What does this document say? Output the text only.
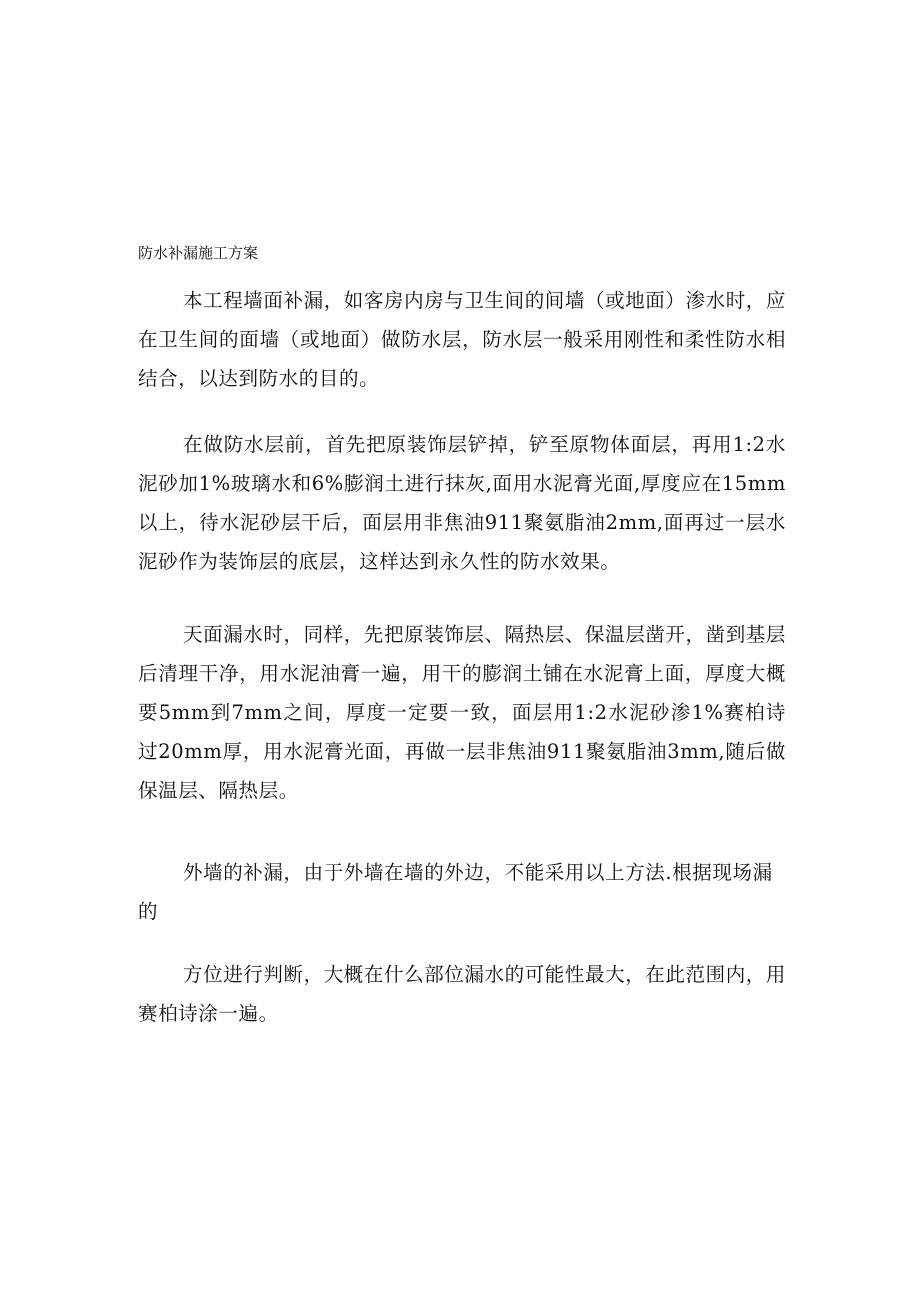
防水补漏施工方案

本工程墙面补漏，如客房内房与卫生间的间墙（或地面）渗水时，应在卫生间的面墙（或地面）做防水层，防水层一般采用刚性和柔性防水相结合，以达到防水的目的。

在做防水层前，首先把原装饰层铲掉，铲至原物体面层，再用1:2水泥砂加1%玻璃水和6%膨润土进行抹灰,面用水泥膏光面,厚度应在15mm以上，待水泥砂层干后，面层用非焦油911聚氨脂油2mm,面再过一层水泥砂作为装饰层的底层，这样达到永久性的防水效果。

天面漏水时，同样，先把原装饰层、隔热层、保温层凿开，凿到基层后清理干净，用水泥油膏一遍，用干的膨润土铺在水泥膏上面，厚度大概要5mm到7mm之间，厚度一定要一致，面层用1:2水泥砂渗1%赛柏诗过20mm厚，用水泥膏光面，再做一层非焦油911聚氨脂油3mm,随后做保温层、隔热层。

外墙的补漏，由于外墙在墙的外边，不能采用以上方法.根据现场漏
的

方位进行判断，大概在什么部位漏水的可能性最大，在此范围内，用赛柏诗涂一遍。
